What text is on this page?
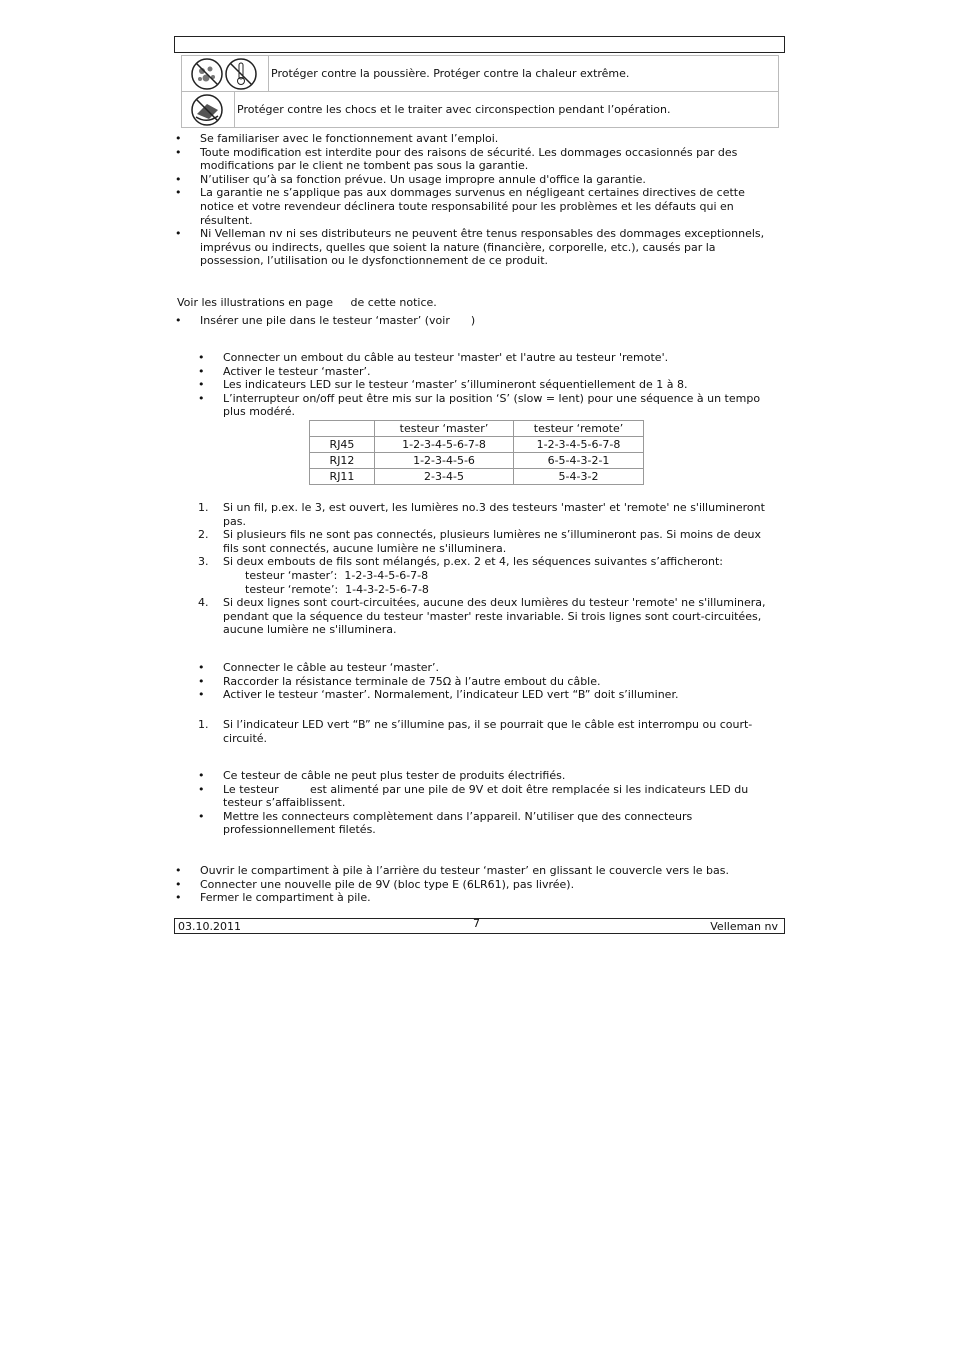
Protéger contre la poussière. Protéger contre la chaleur extrême.
Protéger contre les chocs et le traiter avec circonspection pendant l’opération.
• Se familiariser avec le fonctionnement avant l’emploi.
• Toute modification est interdite pour des raisons de sécurité. Les dommages occasionnés par des modifications par le client ne tombent pas sous la garantie.
• N’utiliser qu’à sa fonction prévue. Un usage impropre annule d'office la garantie.
• La garantie ne s’applique pas aux dommages survenus en négligeant certaines directives de cette notice et votre revendeur déclinera toute responsabilité pour les problèmes et les défauts qui en résultent.
• Ni Velleman nv ni ses distributeurs ne peuvent être tenus responsables des dommages exceptionnels, imprévus ou indirects, quelles que soient la nature (financière, corporelle, etc.), causés par la possession, l’utilisation ou le dysfonctionnement de ce produit.
Voir les illustrations en page     de cette notice.
• Insérer une pile dans le testeur ‘master’ (voir      )
• Connecter un embout du câble au testeur 'master' et l'autre au testeur 'remote'.
• Activer le testeur ‘master’.
• Les indicateurs LED sur le testeur ‘master’ s’illumineront séquentiellement de 1 à 8.
• L’interrupteur on/off peut être mis sur la position ‘S’ (slow = lent) pour une séquence à un tempo plus modéré.
	testeur ‘master’	testeur ‘remote’
RJ45	1-2-3-4-5-6-7-8	1-2-3-4-5-6-7-8
RJ12	1-2-3-4-5-6	6-5-4-3-2-1
RJ11	2-3-4-5	5-4-3-2
1. Si un fil, p.ex. le 3, est ouvert, les lumières no.3 des testeurs 'master' et 'remote' ne s'illumineront pas.
2. Si plusieurs fils ne sont pas connectés, plusieurs lumières ne s’illumineront pas. Si moins de deux fils sont connectés, aucune lumière ne s'illuminera.
3. Si deux embouts de fils sont mélangés, p.ex. 2 et 4, les séquences suivantes s’afficheront:
testeur ‘master’:  1-2-3-4-5-6-7-8
testeur ‘remote’:  1-4-3-2-5-6-7-8
4. Si deux lignes sont court-circuitées, aucune des deux lumières du testeur 'remote' ne s'illuminera, pendant que la séquence du testeur 'master' reste invariable. Si trois lignes sont court-circuitées, aucune lumière ne s'illuminera.
• Connecter le câble au testeur ‘master’.
• Raccorder la résistance terminale de 75Ω à l’autre embout du câble.
• Activer le testeur ‘master’. Normalement, l’indicateur LED vert “B” doit s’illuminer.
1. Si l’indicateur LED vert “B” ne s’illumine pas, il se pourrait que le câble est interrompu ou court-circuité.
• Ce testeur de câble ne peut plus tester de produits électrifiés.
• Le testeur         est alimenté par une pile de 9V et doit être remplacée si les indicateurs LED du testeur s’affaiblissent.
• Mettre les connecteurs complètement dans l’appareil. N’utiliser que des connecteurs professionnellement filetés.
• Ouvrir le compartiment à pile à l’arrière du testeur ‘master’ en glissant le couvercle vers le bas.
• Connecter une nouvelle pile de 9V (bloc type E (6LR61), pas livrée).
• Fermer le compartiment à pile.
03.10.2011	7	Velleman nv
